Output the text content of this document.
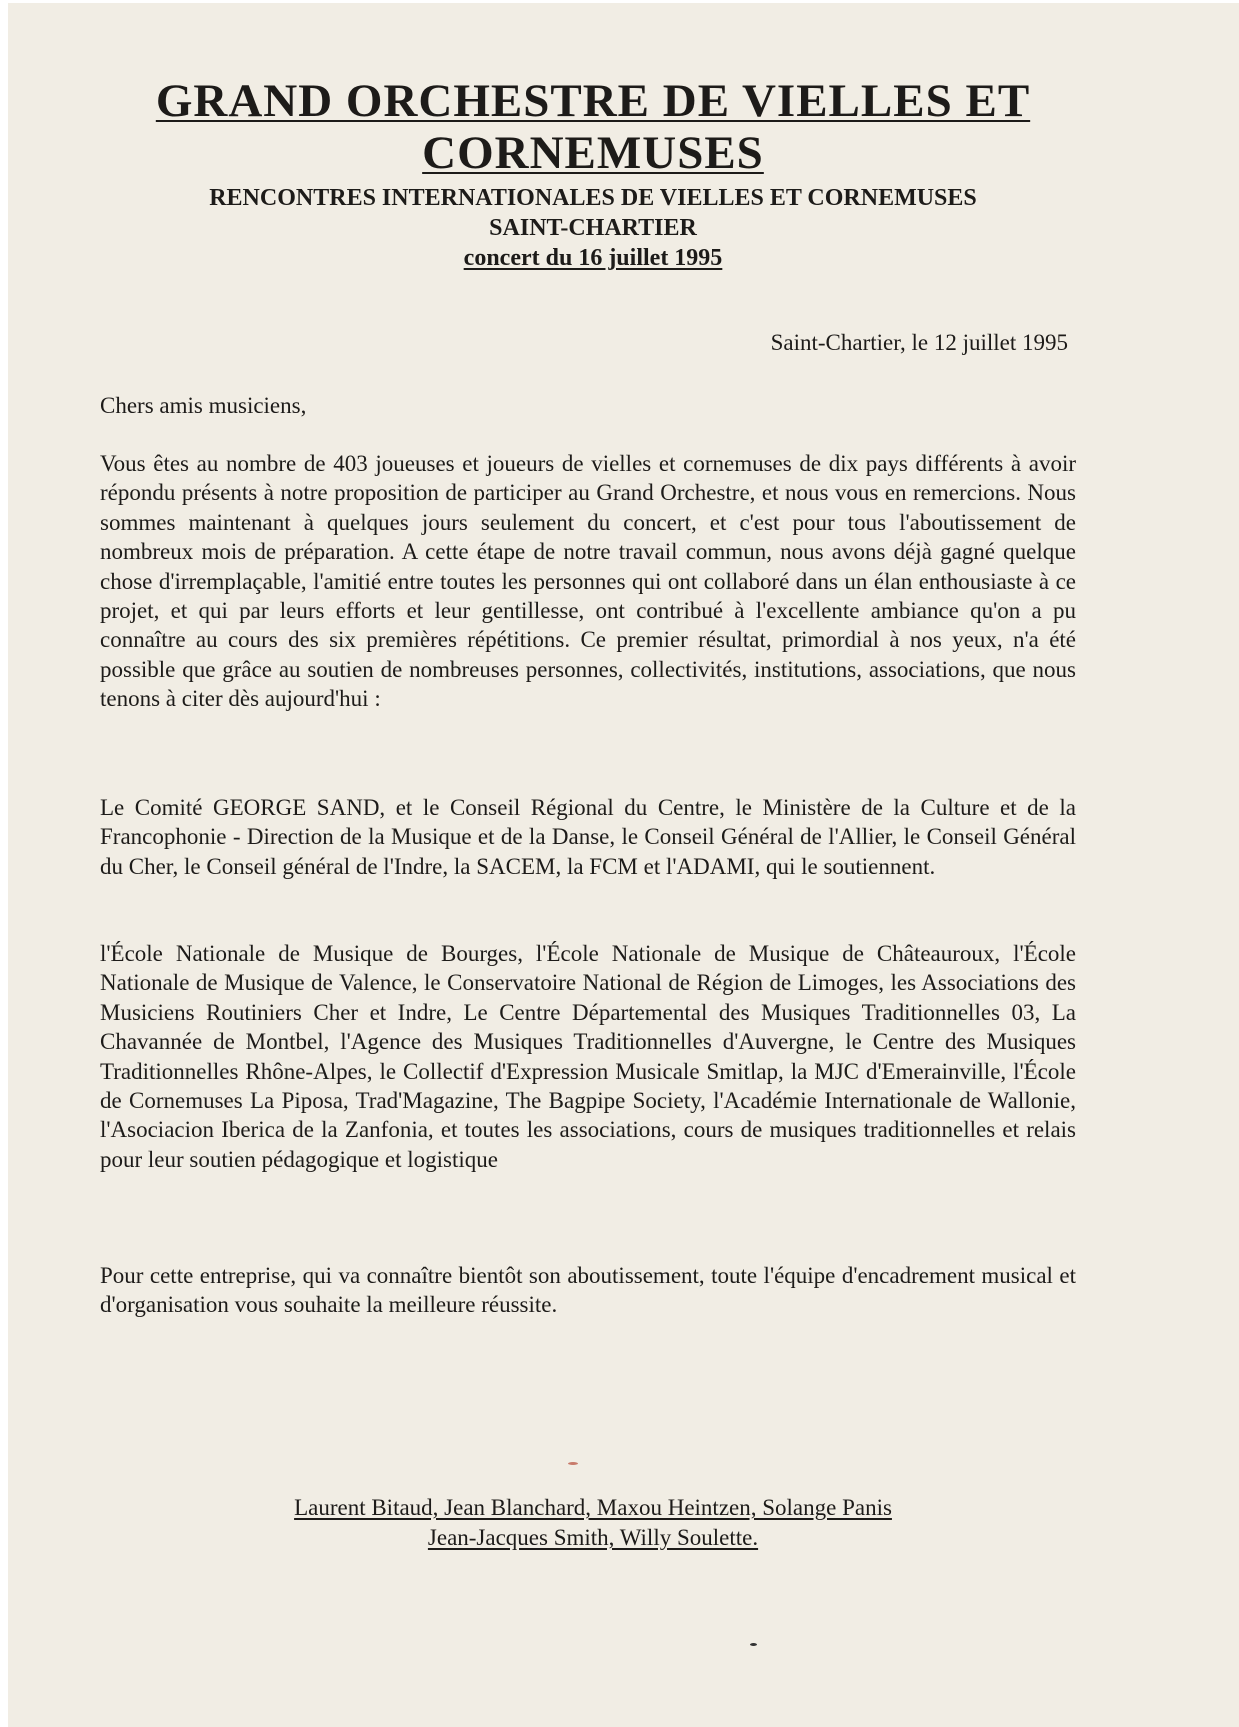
GRAND ORCHESTRE DE VIELLES ET CORNEMUSES
RENCONTRES INTERNATIONALES DE VIELLES ET CORNEMUSES
SAINT-CHARTIER
concert du 16 juillet 1995
Saint-Chartier, le 12 juillet 1995
Chers amis musiciens,

Vous êtes au nombre de 403 joueuses et joueurs de vielles et cornemuses de dix pays différents à avoir répondu présents à notre proposition de participer au Grand Orchestre, et nous vous en remercions. Nous sommes maintenant à quelques jours seulement du concert, et c'est pour tous l'aboutissement de nombreux mois de préparation. A cette étape de notre travail commun, nous avons déjà gagné quelque chose d'irremplaçable, l'amitié entre toutes les personnes qui ont collaboré dans un élan enthousiaste à ce projet, et qui par leurs efforts et leur gentillesse, ont contribué à l'excellente ambiance qu'on a pu connaître au cours des six premières répétitions. Ce premier résultat, primordial à nos yeux, n'a été possible que grâce au soutien de nombreuses personnes, collectivités, institutions, associations, que nous tenons à citer dès aujourd'hui :

Le Comité GEORGE SAND, et le Conseil Régional du Centre, le Ministère de la Culture et de la Francophonie - Direction de la Musique et de la Danse, le Conseil Général de l'Allier, le Conseil Général du Cher, le Conseil général de l'Indre, la SACEM, la FCM et l'ADAMI, qui le soutiennent.

l'École Nationale de Musique de Bourges, l'École Nationale de Musique de Châteauroux, l'École Nationale de Musique de Valence, le Conservatoire National de Région de Limoges, les Associations des Musiciens Routiniers Cher et Indre, Le Centre Départemental des Musiques Traditionnelles 03, La Chavannée de Montbel, l'Agence des Musiques Traditionnelles d'Auvergne, le Centre des Musiques Traditionnelles Rhône-Alpes, le Collectif d'Expression Musicale Smitlap, la MJC d'Emerainville, l'École de Cornemuses La Piposa, Trad'Magazine, The Bagpipe Society, l'Académie Internationale de Wallonie, l'Asociacion Iberica de la Zanfonia, et toutes les associations, cours de musiques traditionnelles et relais pour leur soutien pédagogique et logistique

Pour cette entreprise, qui va connaître bientôt son aboutissement, toute l'équipe d'encadrement musical et d'organisation vous souhaite la meilleure réussite.

Laurent Bitaud, Jean Blanchard, Maxou Heintzen, Solange Panis
Jean-Jacques Smith, Willy Soulette.
